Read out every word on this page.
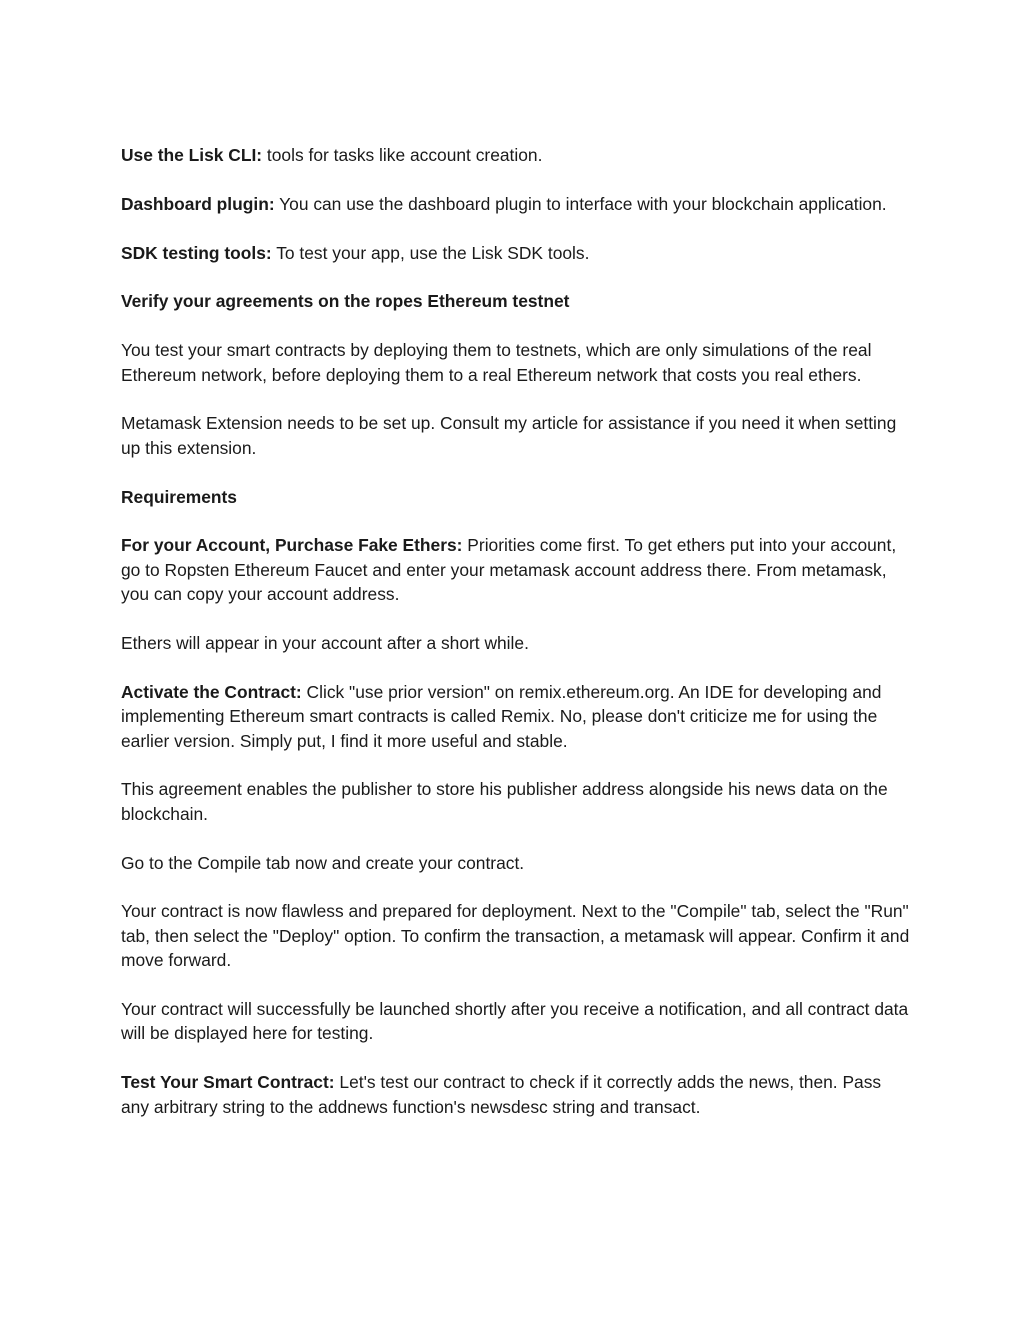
Use the Lisk CLI: tools for tasks like account creation.

Dashboard plugin: You can use the dashboard plugin to interface with your blockchain application.

SDK testing tools: To test your app, use the Lisk SDK tools.

Verify your agreements on the ropes Ethereum testnet

You test your smart contracts by deploying them to testnets, which are only simulations of the real Ethereum network, before deploying them to a real Ethereum network that costs you real ethers.

Metamask Extension needs to be set up. Consult my article for assistance if you need it when setting up this extension.

Requirements

For your Account, Purchase Fake Ethers: Priorities come first. To get ethers put into your account, go to Ropsten Ethereum Faucet and enter your metamask account address there. From metamask, you can copy your account address.

Ethers will appear in your account after a short while.

Activate the Contract: Click "use prior version" on remix.ethereum.org. An IDE for developing and implementing Ethereum smart contracts is called Remix. No, please don't criticize me for using the earlier version. Simply put, I find it more useful and stable.

This agreement enables the publisher to store his publisher address alongside his news data on the blockchain.

Go to the Compile tab now and create your contract.

Your contract is now flawless and prepared for deployment. Next to the "Compile" tab, select the "Run" tab, then select the "Deploy" option. To confirm the transaction, a metamask will appear. Confirm it and move forward.

Your contract will successfully be launched shortly after you receive a notification, and all contract data will be displayed here for testing.

Test Your Smart Contract: Let's test our contract to check if it correctly adds the news, then. Pass any arbitrary string to the addnews function's newsdesc string and transact.
